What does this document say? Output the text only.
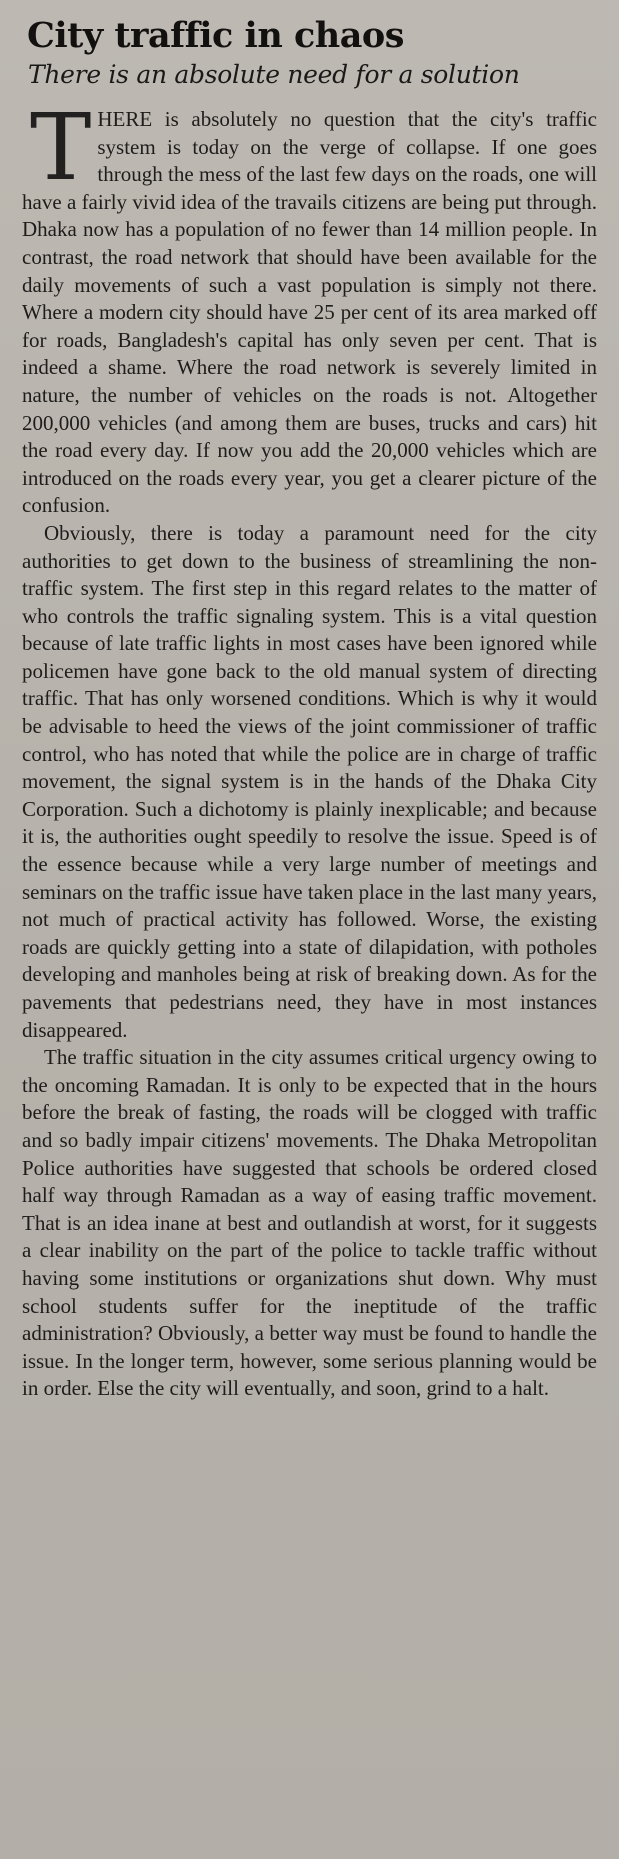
City traffic in chaos
There is an absolute need for a solution

THERE is absolutely no question that the city's traffic system is today on the verge of collapse. If one goes through the mess of the last few days on the roads, one will have a fairly vivid idea of the travails citizens are being put through. Dhaka now has a population of no fewer than 14 million people. In contrast, the road network that should have been available for the daily movements of such a vast population is simply not there. Where a modern city should have 25 per cent of its area marked off for roads, Bangladesh's capital has only seven per cent. That is indeed a shame. Where the road network is severely limited in nature, the number of vehicles on the roads is not. Altogether 200,000 vehicles (and among them are buses, trucks and cars) hit the road every day. If now you add the 20,000 vehicles which are introduced on the roads every year, you get a clearer picture of the confusion.

Obviously, there is today a paramount need for the city authorities to get down to the business of streamlining the non-traffic system. The first step in this regard relates to the matter of who controls the traffic signaling system. This is a vital question because of late traffic lights in most cases have been ignored while policemen have gone back to the old manual system of directing traffic. That has only worsened conditions. Which is why it would be advisable to heed the views of the joint commissioner of traffic control, who has noted that while the police are in charge of traffic movement, the signal system is in the hands of the Dhaka City Corporation. Such a dichotomy is plainly inexplicable; and because it is, the authorities ought speedily to resolve the issue. Speed is of the essence because while a very large number of meetings and seminars on the traffic issue have taken place in the last many years, not much of practical activity has followed. Worse, the existing roads are quickly getting into a state of dilapidation, with potholes developing and manholes being at risk of breaking down. As for the pavements that pedestrians need, they have in most instances disappeared.

The traffic situation in the city assumes critical urgency owing to the oncoming Ramadan. It is only to be expected that in the hours before the break of fasting, the roads will be clogged with traffic and so badly impair citizens' movements. The Dhaka Metropolitan Police authorities have suggested that schools be ordered closed half way through Ramadan as a way of easing traffic movement. That is an idea inane at best and outlandish at worst, for it suggests a clear inability on the part of the police to tackle traffic without having some institutions or organizations shut down. Why must school students suffer for the ineptitude of the traffic administration? Obviously, a better way must be found to handle the issue. In the longer term, however, some serious planning would be in order. Else the city will eventually, and soon, grind to a halt.
